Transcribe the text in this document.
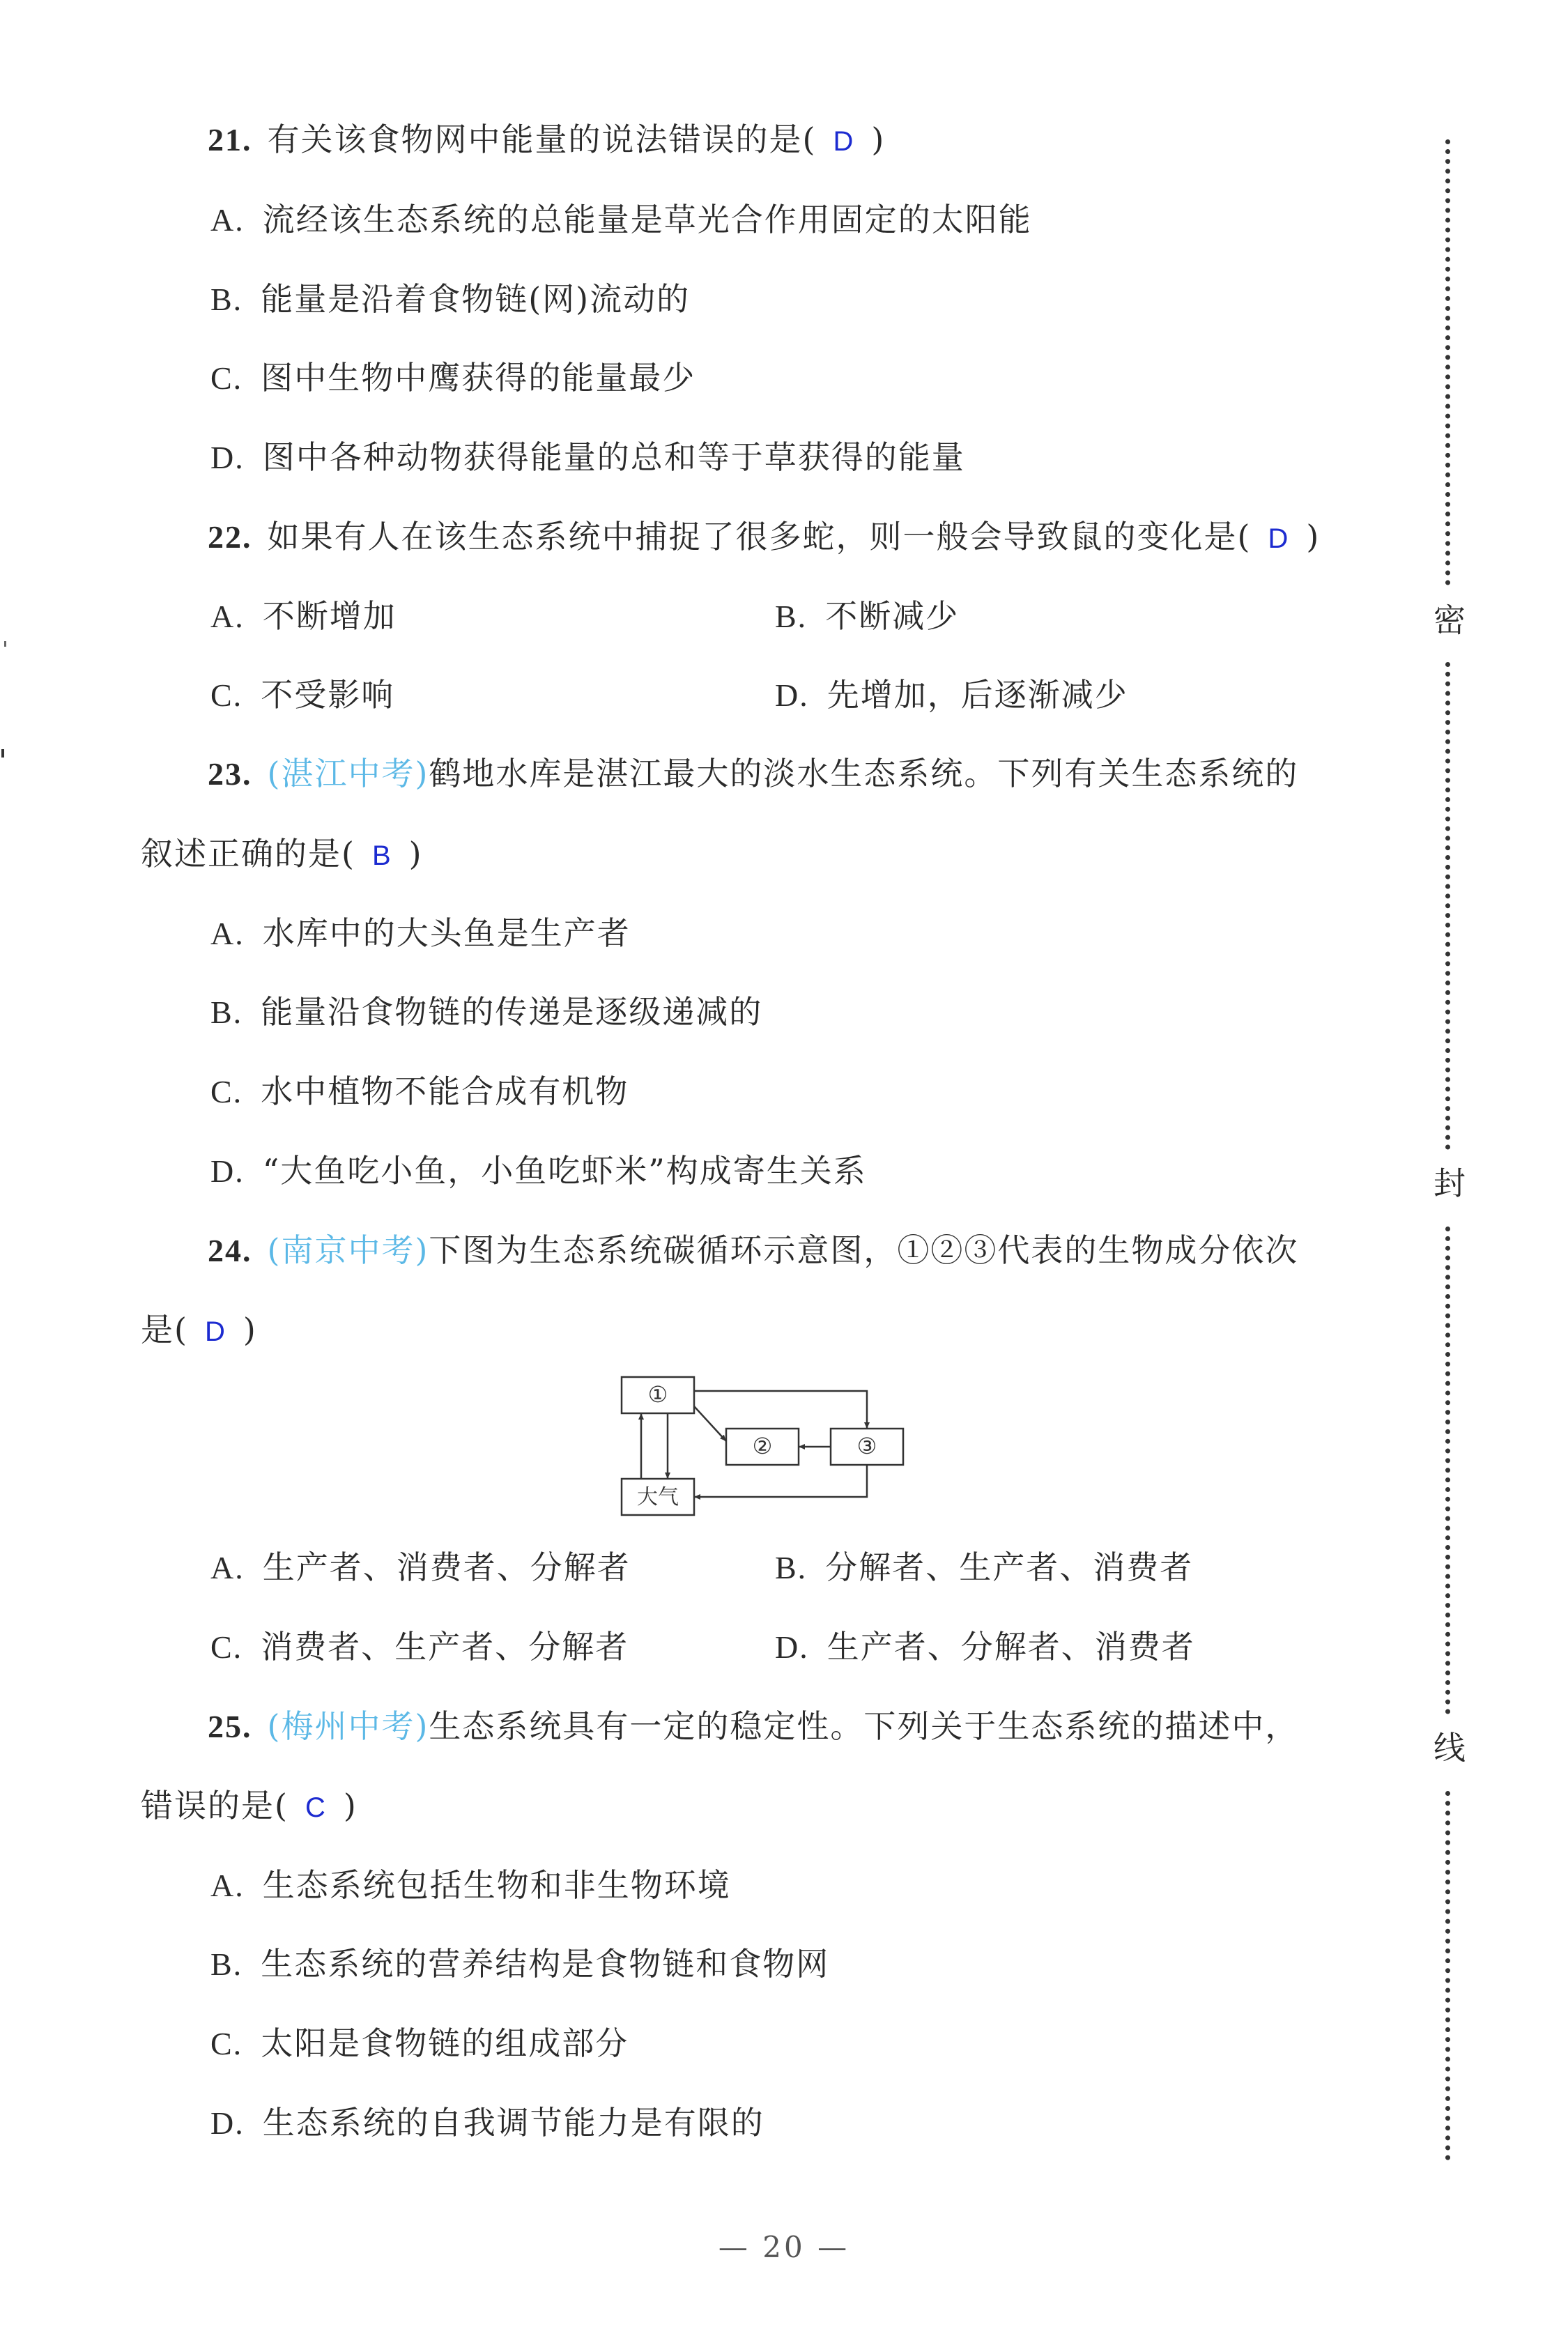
21. 有关该食物网中能量的说法错误的是( D )
A. 流经该生态系统的总能量是草光合作用固定的太阳能
B. 能量是沿着食物链(网)流动的
C. 图中生物中鹰获得的能量最少
D. 图中各种动物获得能量的总和等于草获得的能量
22. 如果有人在该生态系统中捕捉了很多蛇，则一般会导致鼠的变化是( D )
A. 不断增加	B. 不断减少
C. 不受影响	D. 先增加，后逐渐减少
23. (湛江中考)鹤地水库是湛江最大的淡水生态系统。下列有关生态系统的
叙述正确的是( B )
A. 水库中的大头鱼是生产者
B. 能量沿食物链的传递是逐级递减的
C. 水中植物不能合成有机物
D. “大鱼吃小鱼，小鱼吃虾米”构成寄生关系
24. (南京中考)下图为生态系统碳循环示意图，①②③代表的生物成分依次
是( D )
①
②	③
大气
A. 生产者、消费者、分解者	B. 分解者、生产者、消费者
C. 消费者、生产者、分解者	D. 生产者、分解者、消费者
25. (梅州中考)生态系统具有一定的稳定性。下列关于生态系统的描述中，
错误的是( C )
A. 生态系统包括生物和非生物环境
B. 生态系统的营养结构是食物链和食物网
C. 太阳是食物链的组成部分
D. 生态系统的自我调节能力是有限的
密
封
线
— 20 —
